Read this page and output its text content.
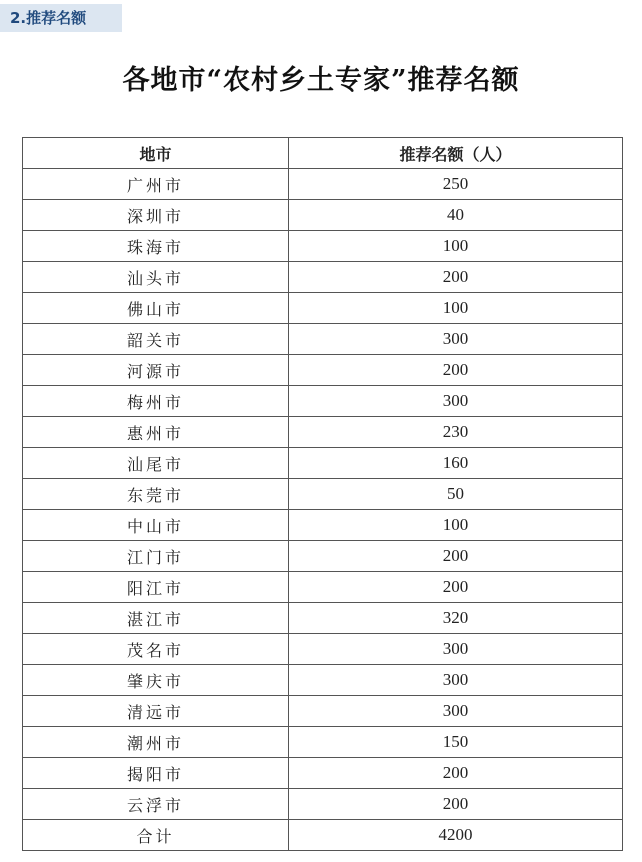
2.推荐名额
各地市“农村乡土专家”推荐名额
地市	推荐名额（人）
广州市	250
深圳市	40
珠海市	100
汕头市	200
佛山市	100
韶关市	300
河源市	200
梅州市	300
惠州市	230
汕尾市	160
东莞市	50
中山市	100
江门市	200
阳江市	200
湛江市	320
茂名市	300
肇庆市	300
清远市	300
潮州市	150
揭阳市	200
云浮市	200
合计	4200
